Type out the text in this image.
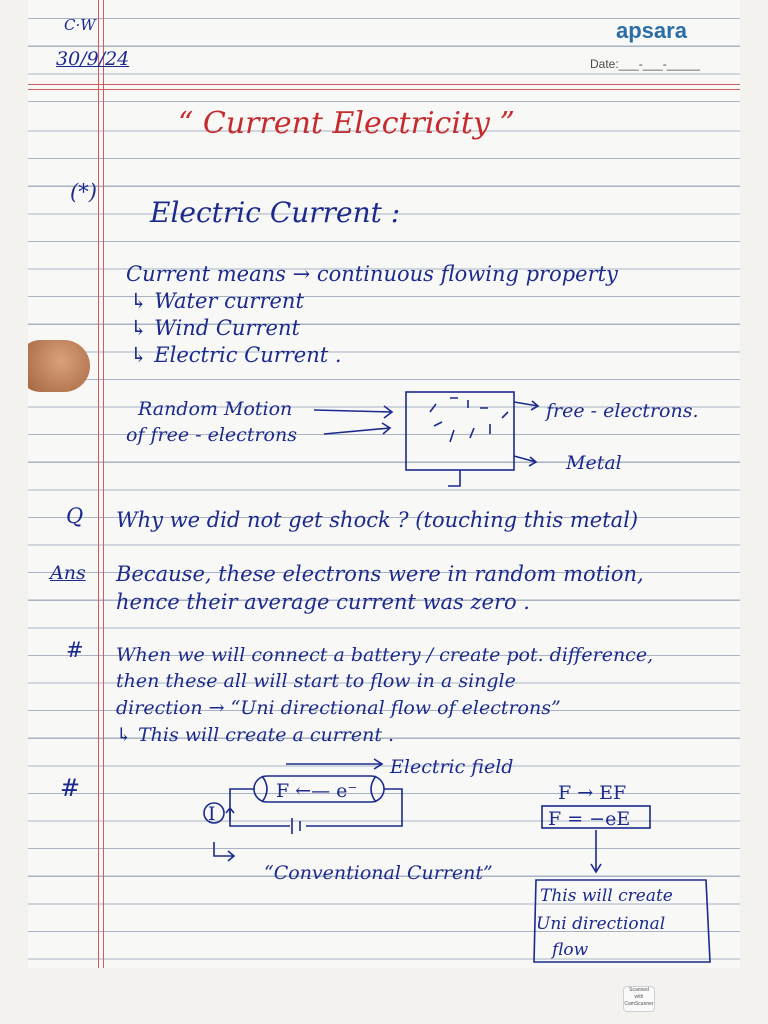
apsara
Date:___-___-_____
C·W
30/9/24
“ Current Electricity ”
(*)
Electric Current :
Current means → continuous flowing property
↳ Water current
↳ Wind Current
↳ Electric Current .
Random Motion
of free - electrons
free - electrons.
Metal
Q Why we did not get shock ? (touching this metal)
Ans Because, these electrons were in random motion,
hence their average current was zero .
# When we will connect a battery / create pot. difference,
then these all will start to flow in a single
direction → “Uni directional flow of electrons”
↳ This will create a current .
#
Electric field
F ←— e⁻
I
“Conventional Current”
F → EF
F = −eE
This will create
Uni directional
flow
Scanned with
CamScanner
